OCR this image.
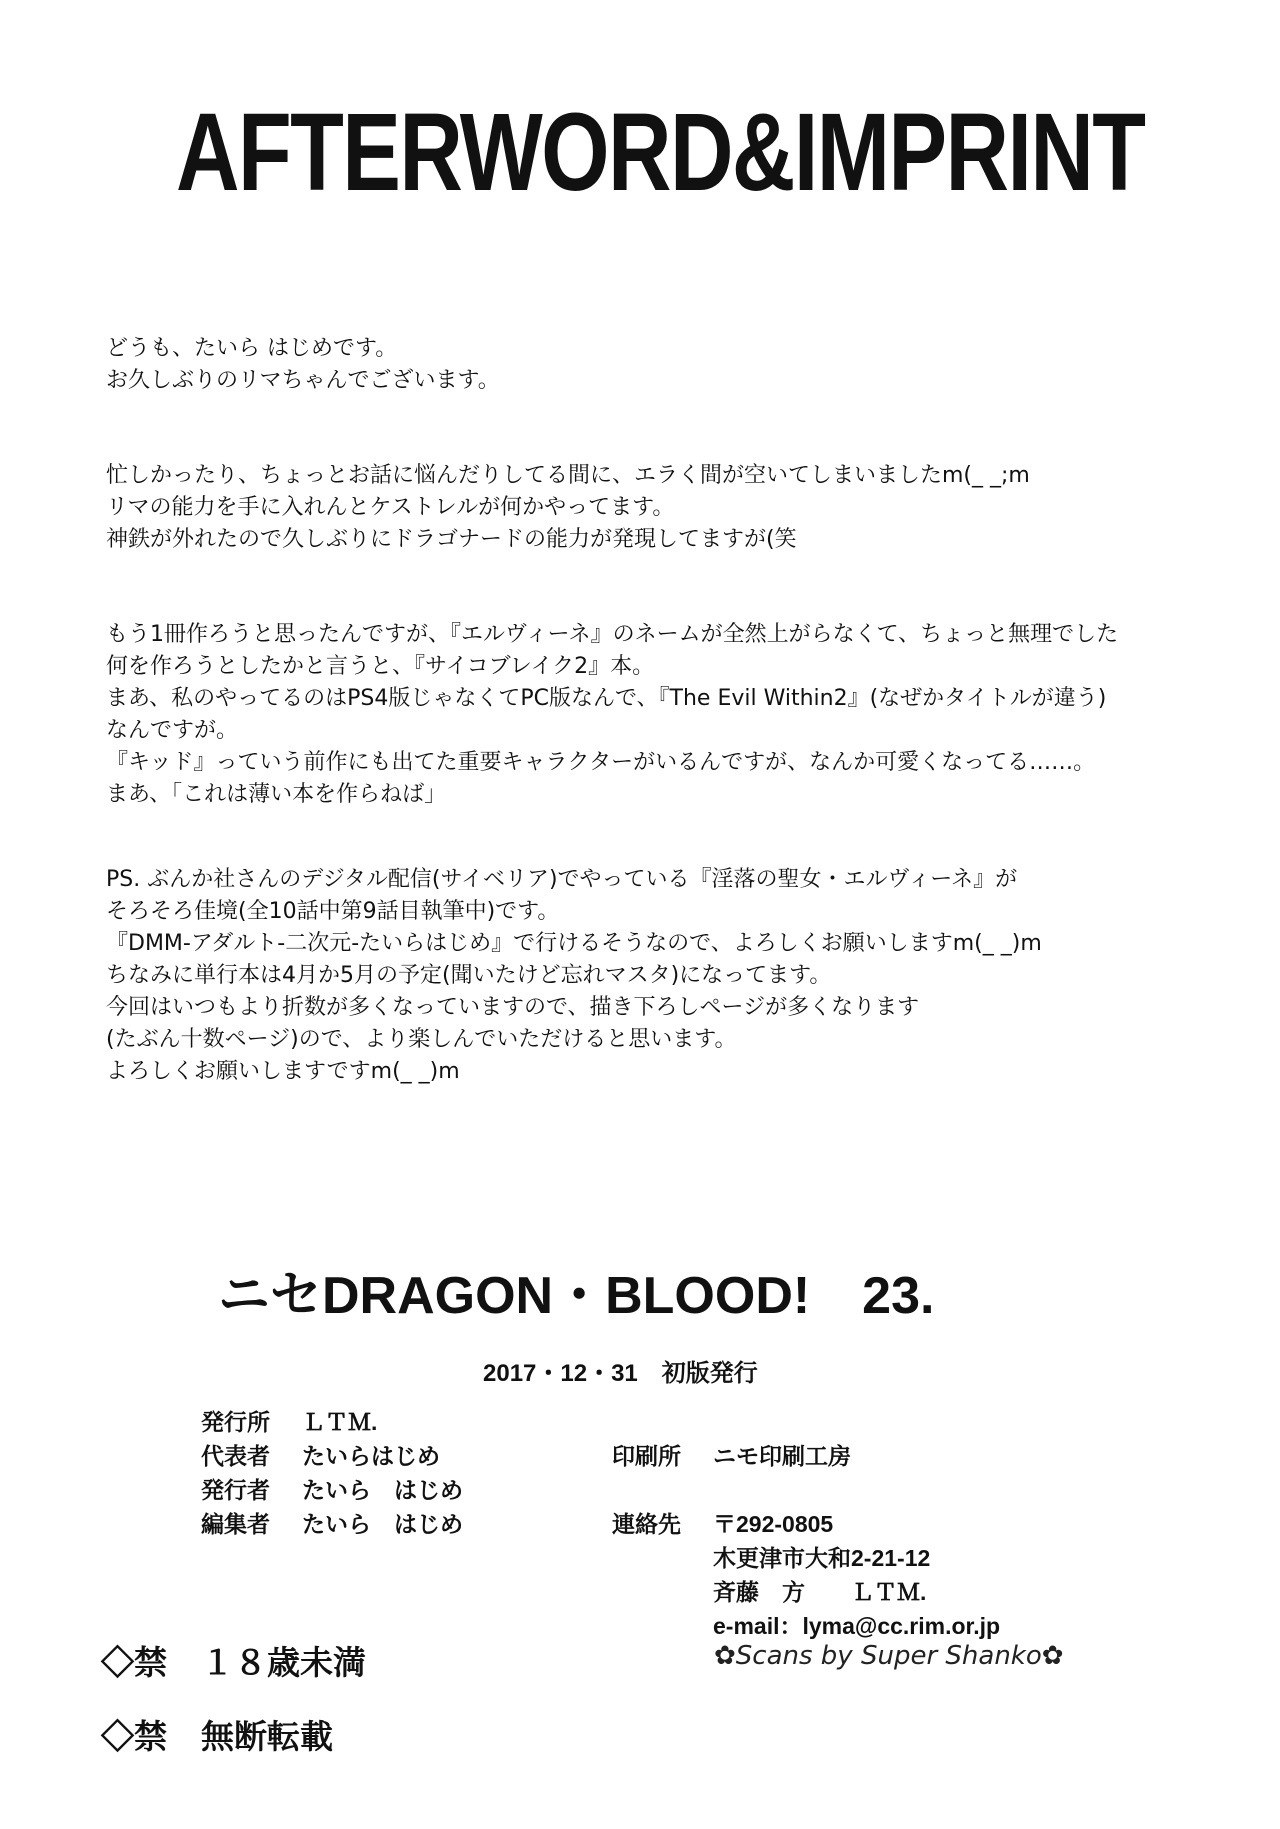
AFTERWORD&IMPRINT
どうも、たいら はじめです。
お久しぶりのリマちゃんでございます。
忙しかったり、ちょっとお話に悩んだりしてる間に、エラく間が空いてしまいましたm(_ _;m
リマの能力を手に入れんとケストレルが何かやってます。
神鉄が外れたので久しぶりにドラゴナードの能力が発現してますが(笑
もう1冊作ろうと思ったんですが、『エルヴィーネ』のネームが全然上がらなくて、ちょっと無理でした
何を作ろうとしたかと言うと、『サイコブレイク2』本。
まあ、私のやってるのはPS4版じゃなくてPC版なんで、『The Evil Within2』(なぜかタイトルが違う)
なんですが。
『キッド』っていう前作にも出てた重要キャラクターがいるんですが、なんか可愛くなってる……。
まあ、「これは薄い本を作らねば」
PS. ぶんか社さんのデジタル配信(サイベリア)でやっている『淫落の聖女・エルヴィーネ』が
そろそろ佳境(全10話中第9話目執筆中)です。
『DMM-アダルト-二次元-たいらはじめ』で行けるそうなので、よろしくお願いしますm(_ _)m
ちなみに単行本は4月か5月の予定(聞いたけど忘れマスタ)になってます。
今回はいつもより折数が多くなっていますので、描き下ろしページが多くなります
(たぶん十数ページ)ので、より楽しんでいただけると思います。
よろしくお願いしますですm(_ _)m
ニセDRAGON・BLOOD!　23.
2017・12・31　初版発行
発行所 ＬＴＭ.
代表者 たいらはじめ
発行者 たいら　はじめ
編集者 たいら　はじめ
印刷所 ニモ印刷工房
連絡先 〒292-0805
木更津市大和2-21-12
斉藤　方　　ＬＴＭ.
e-mail：lyma@cc.rim.or.jp
✿Scans by Super Shanko✿
◇禁 １８歳未満
◇禁 無断転載
